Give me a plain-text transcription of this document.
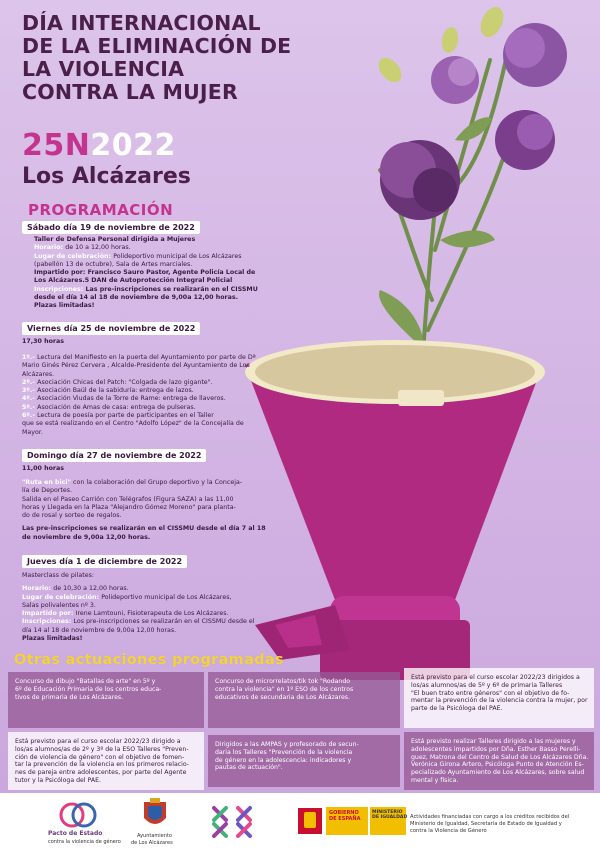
DÍA INTERNACIONAL
DE LA ELIMINACIÓN DE
LA VIOLENCIA
CONTRA LA MUJER
25N2022
Los Alcázares
PROGRAMACIÓN
Sábado día 19 de noviembre de 2022
Taller de Defensa Personal dirigida a Mujeres
Horario: de 10 a 12,00 horas.
Lugar de celebración: Polideportivo municipal de Los Alcázares
(pabellón 13 de octubre), Sala de Artes marciales.
Impartido por: Francisco Sauro Pastor, Agente Policía Local de
Los Alcázares.5 DAN de Autoprotección Integral Policial
Inscripciones: Las pre-inscripciones se realizarán en el CISSMU
desde el día 14 al 18 de noviembre de 9,00a 12,00 horas.
Plazas limitadas!
Viernes día 25 de noviembre de 2022
17,30 horas
1º.- Lectura del Manifiesto en la puerta del Ayuntamiento por parte de Dª
Mario Ginés Pérez Cervera , Alcalde-Presidente del Ayuntamiento de Los
Alcázares.
2º.- Asociación Chicas del Patch: "Colgada de lazo gigante".
3º.- Asociación Baúl de la sabiduría: entrega de lazos.
4º.- Asociación Viudas de la Torre de Rame: entrega de llaveros.
5º.- Asociación de Amas de casa: entrega de pulseras.
6º.- Lectura de poesía por parte de participantes en el Taller
que se está realizando en el Centro "Adolfo López" de la Concejalía de
Mayor.
Domingo día 27 de noviembre de 2022
11,00 horas
"Ruta en bici" con la colaboración del Grupo deportivo y la Conceja-
lía de Deportes.
Salida en el Paseo Carrión con Telégrafos (Figura SAZA) a las 11,00
horas y Llegada en la Plaza "Alejandro Gómez Moreno" para planta-
do de rosal y sorteo de regalos.
Las pre-inscripciones se realizarán en el CISSMU desde el día 7 al 18
de noviembre de 9,00a 12,00 horas.
Jueves día 1 de diciembre de 2022
Masterclass de pilates:
Horario: de 10,30 a 12,00 horas.
Lugar de celebración: Polideportivo municipal de Los Alcázares,
Salas polivalentes nº 3.
Impartido por: Irene Lamtouni, Fisioterapeuta de Los Alcázares.
Inscripciones: Los pre-inscripciones se realizarán en el CISSMU desde el
día 14 al 18 de noviembre de 9,00a 12,00 horas.
Plazas limitadas!
Otras actuaciones programadas
Concurso de dibujo "Batallas de arte" en 5º y
6º de Educación Primaria de los centros educa-
tivos de primaria de Los Alcázares.
Concurso de microrrelatos/tik tok "Rodando
contra la violencia" en 1º ESO de los centros
educativos de secundaria de Los Alcázares.
Está previsto para el curso escolar 2022/23 dirigidos a
los/as alumnos/as de 5º y 6º de primaria Talleres
"El buen trato entre géneros" con el objetivo de fo-
mentar la prevención de la violencia contra la mujer, por
parte de la Psicóloga del PAE.
Está previsto para el curso escolar 2022/23 dirigido a
los/as alumnos/as de 2º y 3º de la ESO Talleres "Preven-
ción de violencia de género" con el objetivo de fomen-
tar la prevención de la violencia en los primeros relacio-
nes de pareja entre adolescentes, por parte del Agente
tutor y la Psicóloga del PAE.
Dirigidos a las AMPAS y profesorado de secun-
daria los Talleres "Prevención de la violencia
de género en la adolescencia: indicadores y
pautas de actuación".
Está previsto realizar Talleres dirigido a las mujeres y
adolescentes impartidos por Dña. Esther Basso Perelli-
guez, Matrona del Centro de Salud de Los Alcázares Dña.
Verónica Girona Artero, Psicóloga Punto de Atención Es-
pecializado Ayuntamiento de Los Alcázares, sobre salud
mental y física.
Pacto de Estado
contra la violencia de género
Ayuntamiento
de Los Alcázares
GOBIERNO
DE ESPAÑA
MINISTERIO
DE IGUALDAD Actividades financiadas con cargo a los créditos recibidos del
Ministerio de Igualdad, Secretaría de Estado de Igualdad y
contra la Violencia de Género
